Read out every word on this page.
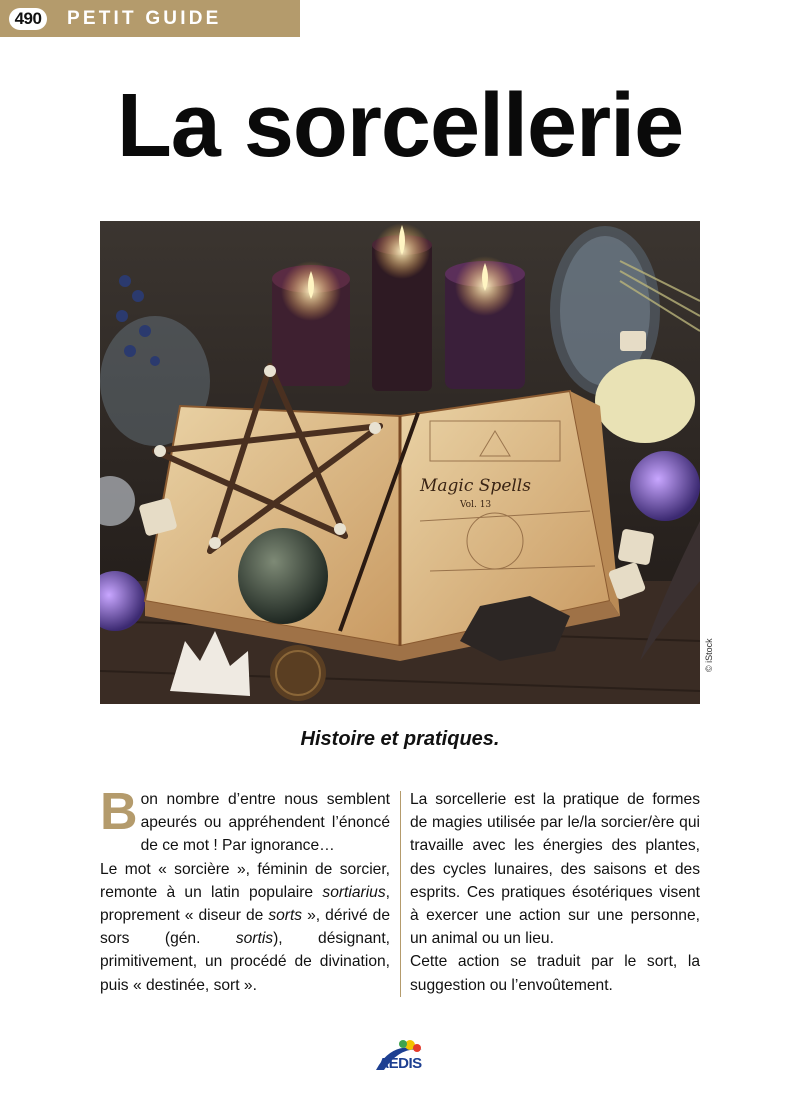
490 PETIT GUIDE
La sorcellerie
Magic Spells
Vol. 13
© iStock
Histoire et pratiques.
B on nombre d’entre nous semblent apeurés ou appréhendent l’énoncé de ce mot ! Par ignorance…

Le mot « sorcière », féminin de sorcier, remonte à un latin populaire sortiarius, proprement « diseur de sorts », dérivé de sors (gén. sortis), désignant, primitivement, un procédé de divination, puis « destinée, sort ».

La sorcellerie est la pratique de formes de magies utilisée par le/la sorcier/ère qui travaille avec les énergies des plantes, des cycles lunaires, des saisons et des esprits. Ces pratiques ésotériques visent à exercer une action sur une personne, un animal ou un lieu.

Cette action se traduit par le sort, la suggestion ou l’envoûtement.

AEDIS
